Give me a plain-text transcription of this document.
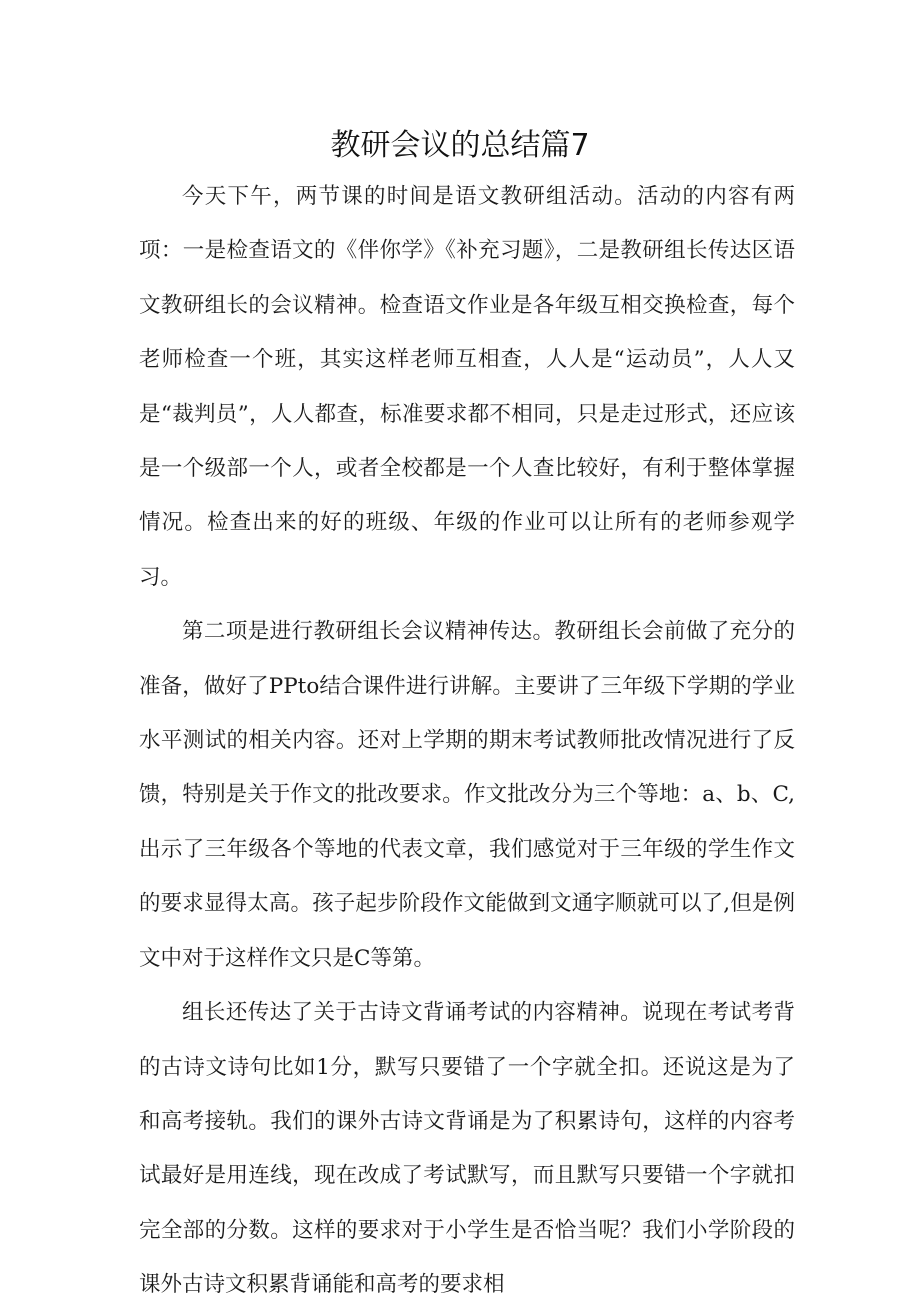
教研会议的总结篇7

今天下午，两节课的时间是语文教研组活动。活动的内容有两项：一是检查语文的《伴你学》《补充习题》，二是教研组长传达区语文教研组长的会议精神。检查语文作业是各年级互相交换检查，每个老师检查一个班，其实这样老师互相查，人人是“运动员”，人人又是“裁判员”，人人都查，标准要求都不相同，只是走过形式，还应该是一个级部一个人，或者全校都是一个人查比较好，有利于整体掌握情况。检查出来的好的班级、年级的作业可以让所有的老师参观学习。

第二项是进行教研组长会议精神传达。教研组长会前做了充分的准备，做好了PPto结合课件进行讲解。主要讲了三年级下学期的学业水平测试的相关内容。还对上学期的期末考试教师批改情况进行了反馈，特别是关于作文的批改要求。作文批改分为三个等地：a、b、C,出示了三年级各个等地的代表文章，我们感觉对于三年级的学生作文的要求显得太高。孩子起步阶段作文能做到文通字顺就可以了,但是例文中对于这样作文只是C等第。

组长还传达了关于古诗文背诵考试的内容精神。说现在考试考背的古诗文诗句比如1分，默写只要错了一个字就全扣。还说这是为了和高考接轨。我们的课外古诗文背诵是为了积累诗句，这样的内容考试最好是用连线，现在改成了考试默写，而且默写只要错一个字就扣完全部的分数。这样的要求对于小学生是否恰当呢？我们小学阶段的课外古诗文积累背诵能和高考的要求相
